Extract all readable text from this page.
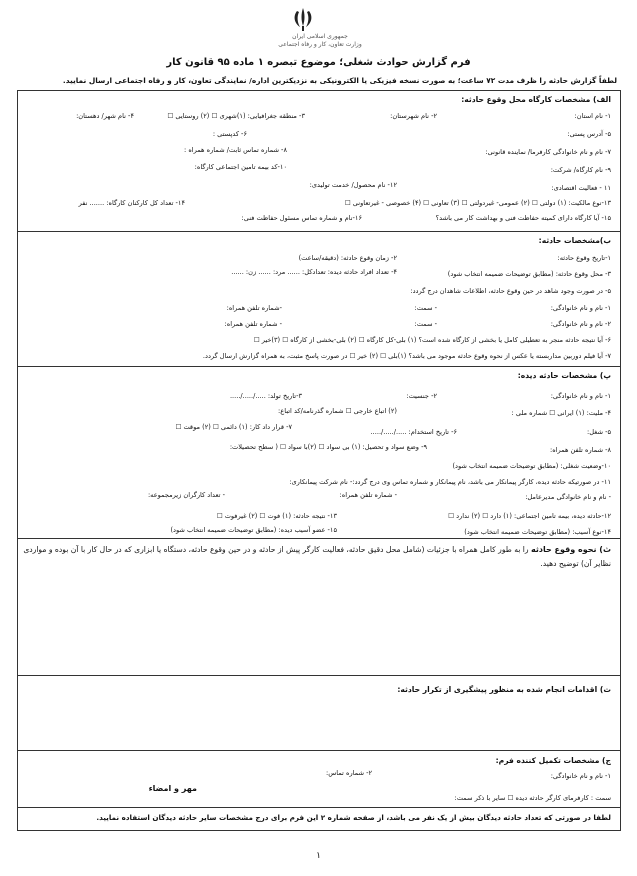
جمهوری اسلامی ایران
وزارت تعاون، کار و رفاه اجتماعی
فرم گزارش حوادث شغلی؛ موضوع تبصره ۱ ماده ۹۵ قانون کار
لطفاً گزارش حادثه را ظرف مدت ۷۲ ساعت؛ به صورت نسخه فیزیکی یا الکترونیکی به نزدیکترین اداره/ نمایندگی تعاون، کار و رفاه اجتماعی ارسال نمایید.
الف) مشخصات کارگاه محل وقوع حادثه:
۱- نام استان:
۲- نام شهرستان:
۳- منطقه جغرافیایی: (۱)شهری ☐ (۲) روستایی ☐
۴- نام شهر/ دهستان:
۵- آدرس پستی:
۶- کدپستی :
۷- نام و نام خانوادگی کارفرما/ نماینده قانونی:
۸- شماره تماس ثابت/ شماره همراه :
۹- نام کارگاه/ شرکت:
۱۰-کد بیمه تامین اجتماعی کارگاه:
۱۱ - فعالیت اقتصادی:
۱۲- نام محصول/ خدمت تولیدی:
۱۳-نوع مالکیت: (۱) دولتی ☐ (۲) عمومی- غیردولتی ☐ (۳) تعاونی ☐ (۴) خصوصی - غیرتعاونی ☐
۱۴- تعداد کل کارکنان کارگاه: ....... نفر
۱۵- آیا کارگاه دارای کمیته حفاظت فنی و بهداشت کار می باشد؟
۱۶-نام و شماره تماس مسئول حفاظت فنی:
ب)مشخصات حادثه:
۱-تاریخ وقوع حادثه:
۲- زمان وقوع حادثه: (دقیقه/ساعت)
۳- محل وقوع حادثه: (مطابق توضیحات ضمیمه انتخاب شود)
۴- تعداد افراد حادثه دیده: تعدادکل: ...... مرد: ...... زن: ......
۵- در صورت وجود شاهد در حین وقوع حادثه، اطلاعات شاهدان درج گردد:
۱- نام و نام خانوادگی:
- سمت:
-شماره تلفن همراه:
۲- نام و نام خانوادگی:
- سمت:
- شماره تلفن همراه:
۶- آیا نتیجه حادثه منجر به تعطیلی کامل یا بخشی از کارگاه شده است؟ (۱) بلی-کل کارگاه ☐ (۲) بلی-بخشی از کارگاه ☐ (۳)خیر ☐
۷- آیا فیلم دوربین مداربسته یا عکس از نحوه وقوع حادثه موجود می باشد؟ (۱)بلی ☐ (۲) خیر ☐ در صورت پاسخ مثبت، به همراه گزارش ارسال گردد.
پ) مشخصات حادثه دیده:
۱- نام و نام خانوادگی:
۲- جنسیت:
۳-تاریخ تولد: ...../...../.....
۴- ملیت: (۱) ایرانی ☐ شماره ملی :
(۲) اتباع خارجی ☐ شماره گذرنامه/کد اتباع:
۵- شغل:
۶- تاریخ استخدام: ...../...../.....
۷- قرار داد کار: (۱) دائمی ☐ (۲) موقت ☐
۸- شماره تلفن همراه:
۹- وضع سواد و تحصیل: (۱) بی سواد ☐ (۲)با سواد ☐ ( سطح تحصیلات:
۱۰-وضعیت شغلی: (مطابق توضیحات ضمیمه انتخاب شود)
۱۱- در صورتیکه حادثه دیده، کارگر پیمانکار می باشد، نام پیمانکار و شماره تماس وی درج گردد:- نام شرکت پیمانکاری:
- نام و نام خانوادگی مدیرعامل:
- شماره تلفن همراه:
- تعداد کارگران زیرمجموعه:
۱۲-حادثه دیده، بیمه تامین اجتماعی: (۱) دارد ☐ (۲) ندارد ☐
۱۳- نتیجه حادثه: (۱) فوت ☐ (۲) غیرفوت ☐
۱۴-نوع آسیب: (مطابق توضیحات ضمیمه انتخاب شود)
۱۵- عضو آسیب دیده: (مطابق توضیحات ضمیمه انتخاب شود)
ث) نحوه وقوع حادثه را به طور کامل همراه با جزئیات (شامل محل دقیق حادثه، فعالیت کارگر پیش از حادثه و در حین وقوع حادثه، دستگاه یا ابزاری که در حال کار با آن بوده و مواردی نظایر آن) توضیح دهید.
ث) اقدامات انجام شده به منظور پیشگیری از تکرار حادثه:
ج) مشخصات تکمیل کننده فرم:
۱- نام و نام خانوادگی:
۲- شماره تماس:
مهر و امضاء
سمت : کارفرمای کارگر حادثه دیده ☐ سایر با ذکر سمت:
لطفا در صورتی که تعداد حادثه دیدگان بیش از یک نفر می باشد، از صفحه شماره ۲ این فرم برای درج مشخصات سایر حادثه دیدگان استفاده نمایید.
۱
